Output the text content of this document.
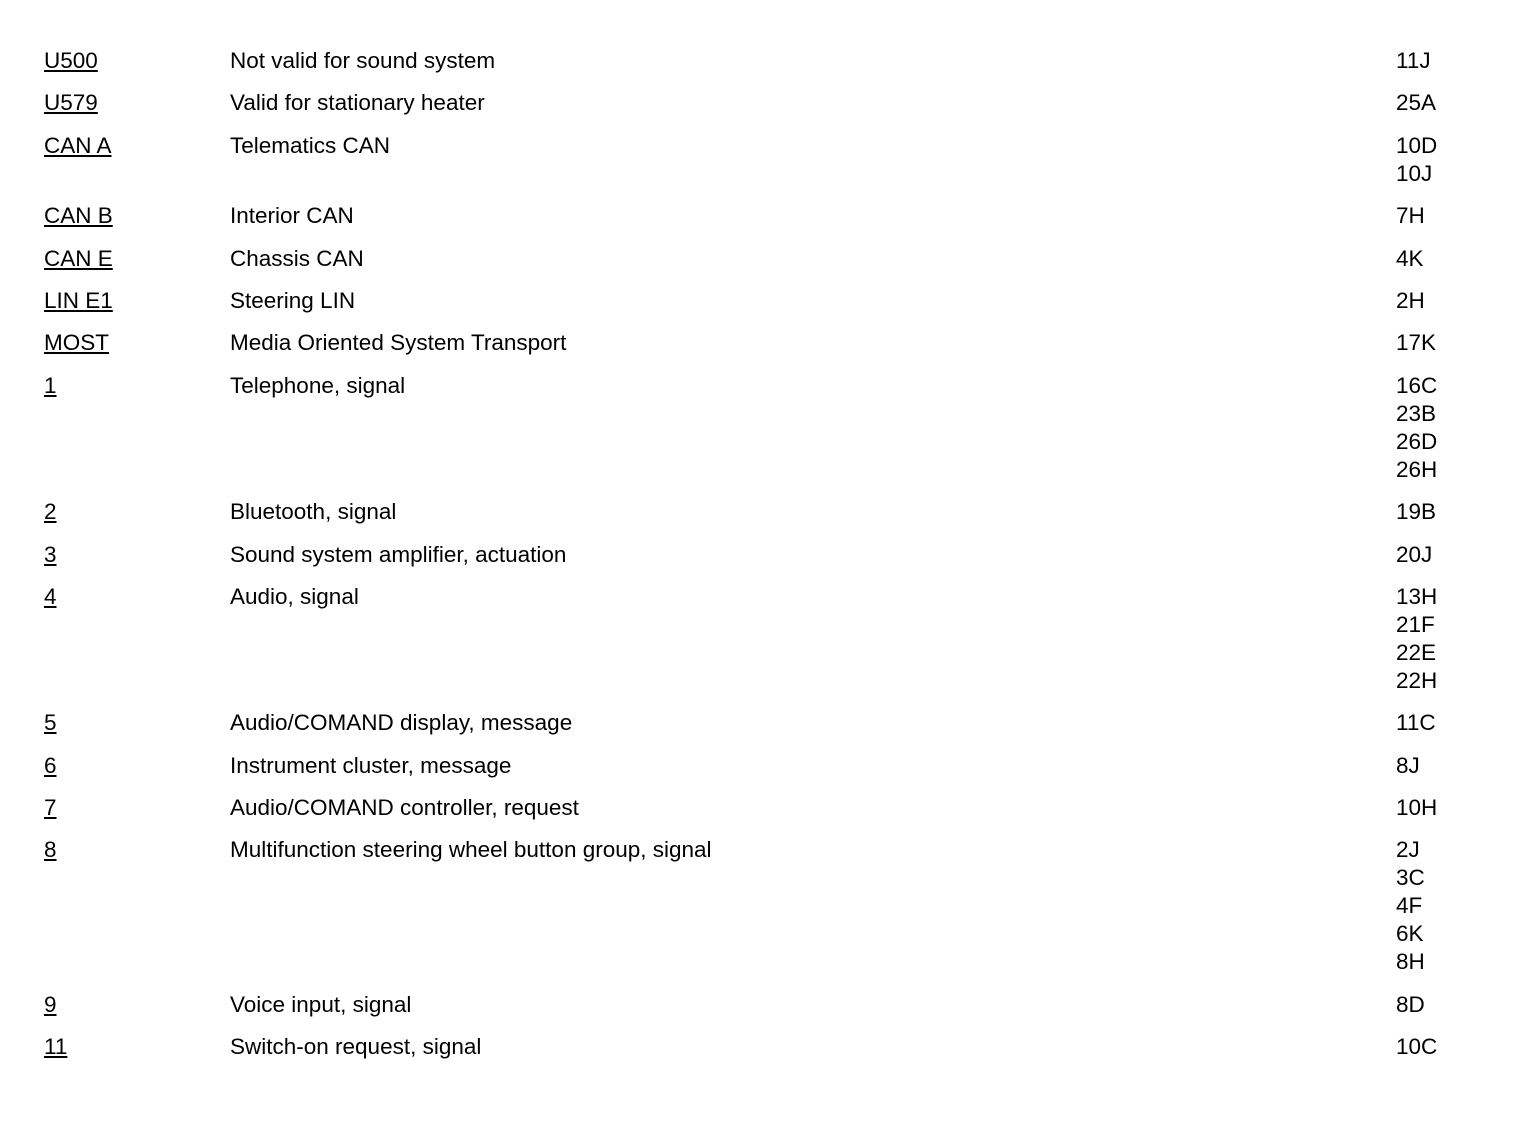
U500	Not valid for sound system	11J
U579	Valid for stationary heater	25A
CAN A	Telematics CAN	10D
10J
CAN B	Interior CAN	7H
CAN E	Chassis CAN	4K
LIN E1	Steering LIN	2H
MOST	Media Oriented System Transport	17K
1	Telephone, signal	16C
23B
26D
26H
2	Bluetooth, signal	19B
3	Sound system amplifier, actuation	20J
4	Audio, signal	13H
21F
22E
22H
5	Audio/COMAND display, message	11C
6	Instrument cluster, message	8J
7	Audio/COMAND controller, request	10H
8	Multifunction steering wheel button group, signal	2J
3C
4F
6K
8H
9	Voice input, signal	8D
11	Switch-on request, signal	10C
